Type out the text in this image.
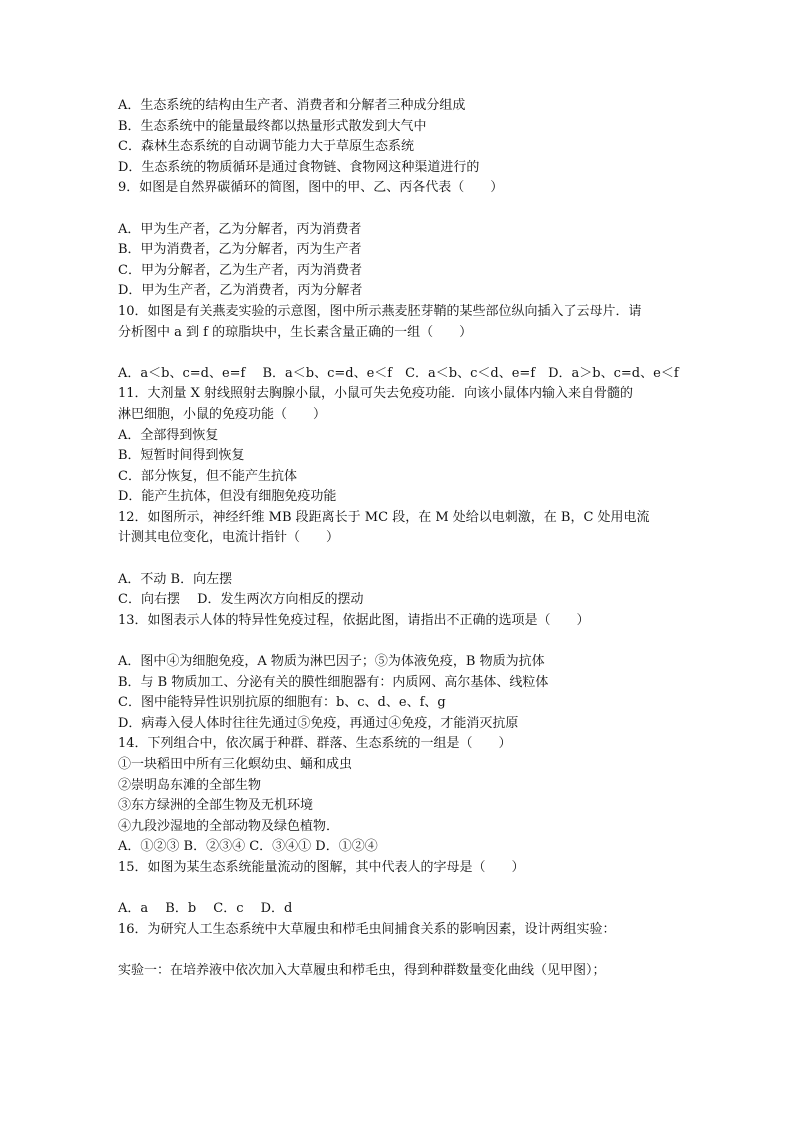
A．生态系统的结构由生产者、消费者和分解者三种成分组成
B．生态系统中的能量最终都以热量形式散发到大气中
C．森林生态系统的自动调节能力大于草原生态系统
D．生态系统的物质循环是通过食物链、食物网这种渠道进行的
9．如图是自然界碳循环的简图，图中的甲、乙、丙各代表（　　）
A．甲为生产者，乙为分解者，丙为消费者
B．甲为消费者，乙为分解者，丙为生产者
C．甲为分解者，乙为生产者，丙为消费者
D．甲为生产者，乙为消费者，丙为分解者
10．如图是有关燕麦实验的示意图，图中所示燕麦胚芽鞘的某些部位纵向插入了云母片．请
分析图中 a 到 f 的琼脂块中，生长素含量正确的一组（　　）
A．a＜b、c=d、e=f　 B．a＜b、c=d、e＜f　C．a＜b、c＜d、e=f　D．a＞b、c=d、e＜f
11．大剂量 X 射线照射去胸腺小鼠，小鼠可失去免疫功能．向该小鼠体内输入来自骨髓的
淋巴细胞，小鼠的免疫功能（　　）
A．全部得到恢复
B．短暂时间得到恢复
C．部分恢复，但不能产生抗体
D．能产生抗体，但没有细胞免疫功能
12．如图所示，神经纤维 MB 段距离长于 MC 段，在 M 处给以电刺激，在 B，C 处用电流
计测其电位变化，电流计指针（　　）
A．不动 B．向左摆
C．向右摆　 D．发生两次方向相反的摆动
13．如图表示人体的特异性免疫过程，依据此图，请指出不正确的选项是（　　）
A．图中④为细胞免疫，A 物质为淋巴因子；⑤为体液免疫，B 物质为抗体
B．与 B 物质加工、分泌有关的膜性细胞器有：内质网、高尔基体、线粒体
C．图中能特异性识别抗原的细胞有：b、c、d、e、f、g
D．病毒入侵人体时往往先通过⑤免疫，再通过④免疫，才能消灭抗原
14．下列组合中，依次属于种群、群落、生态系统的一组是（　　）
①一块稻田中所有三化螟幼虫、蛹和成虫
②崇明岛东滩的全部生物
③东方绿洲的全部生物及无机环境
④九段沙湿地的全部动物及绿色植物．
A．①②③ B．②③④ C．③④① D．①②④
15．如图为某生态系统能量流动的图解，其中代表人的字母是（　　）
A．a　 B．b　 C．c　 D．d
16．为研究人工生态系统中大草履虫和栉毛虫间捕食关系的影响因素，设计两组实验：
实验一：在培养液中依次加入大草履虫和栉毛虫，得到种群数量变化曲线（见甲图）；
